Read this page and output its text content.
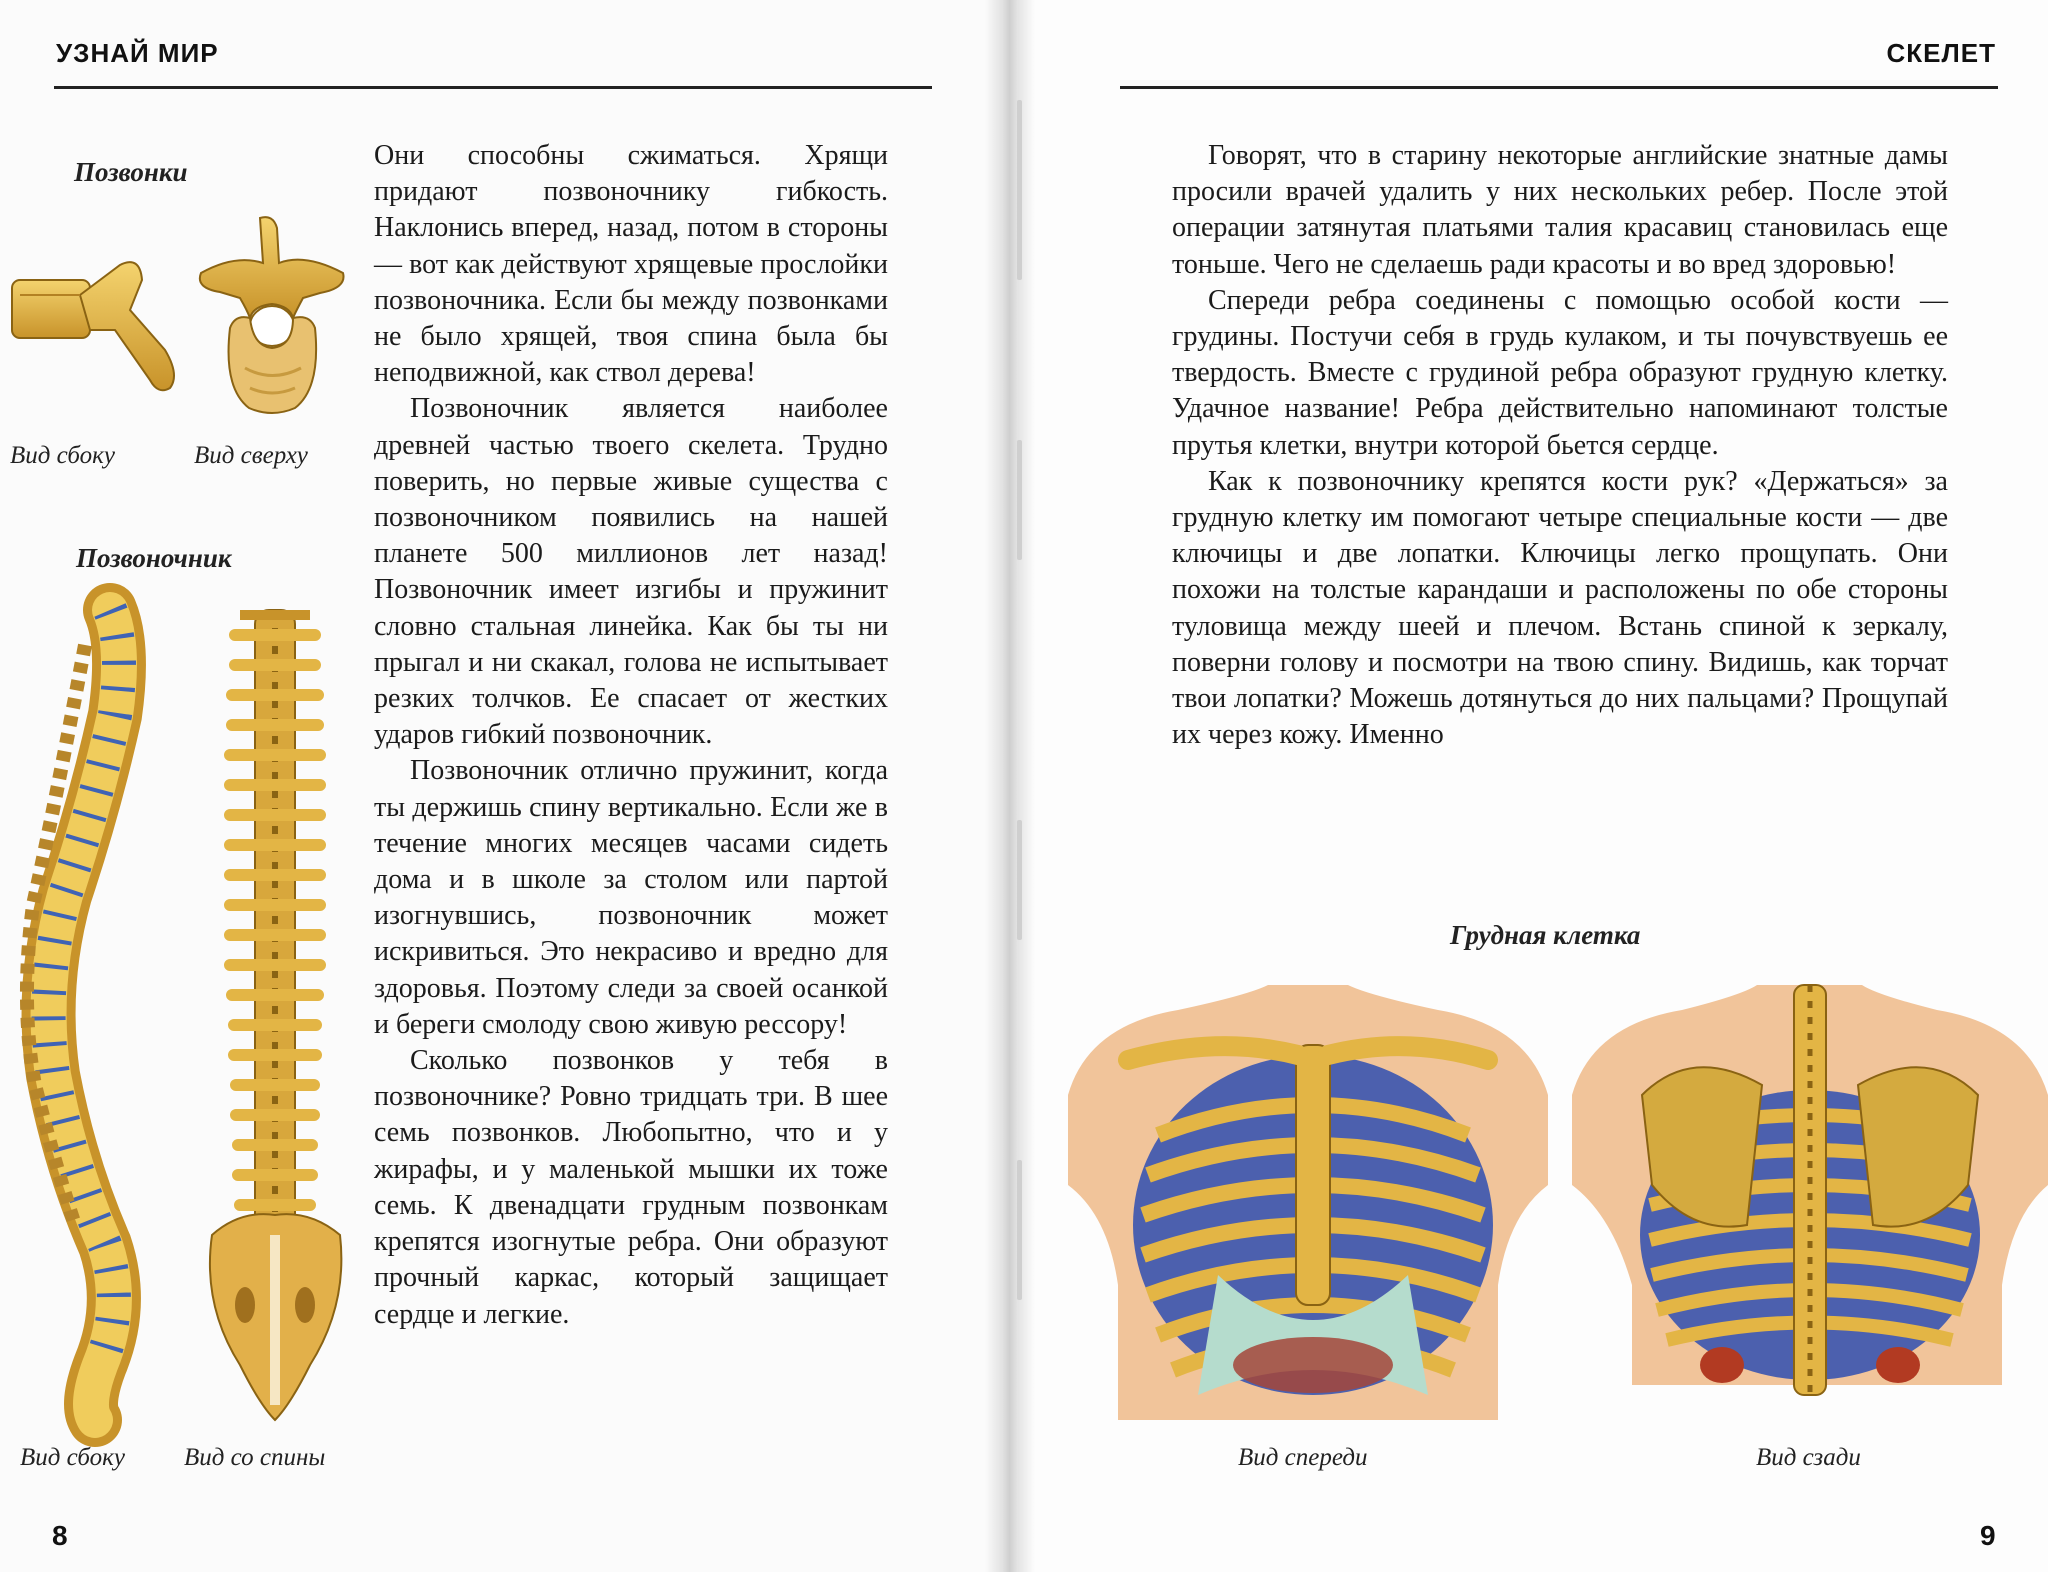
УЗНАЙ МИР
Позвонки
Вид сбоку	Вид сверху
Позвоночник
Вид сбоку Вид со спины

Они способны сжиматься. Хрящи придают позвоночнику гибкость. Наклонись вперед, назад, потом в стороны — вот как действуют хрящевые прослойки позвоночника. Если бы между позвонками не было хрящей, твоя спина была бы неподвижной, как ствол дерева!

Позвоночник является наиболее древней частью твоего скелета. Трудно поверить, но первые живые существа с позвоночником появились на нашей планете 500 миллионов лет назад! Позвоночник имеет изгибы и пружинит словно стальная линейка. Как бы ты ни прыгал и ни скакал, голова не испытывает резких толчков. Ее спасает от жестких ударов гибкий позвоночник.

Позвоночник отлично пружинит, когда ты держишь спину вертикально. Если же в течение многих месяцев часами сидеть дома и в школе за столом или партой изогнувшись, позвоночник может искривиться. Это некрасиво и вредно для здоровья. Поэтому следи за своей осанкой и береги смолоду свою живую рессору!

Сколько позвонков у тебя в позвоночнике? Ровно тридцать три. В шее семь позвонков. Любопытно, что и у жирафы, и у маленькой мышки их тоже семь. К двенадцати грудным позвонкам крепятся изогнутые ребра. Они образуют прочный каркас, который защищает сердце и легкие.

8
СКЕЛЕТ

Говорят, что в старину некоторые английские знатные дамы просили врачей удалить у них нескольких ребер. После этой операции затянутая платьями талия красавиц становилась еще тоньше. Чего не сделаешь ради красоты и во вред здоровью!

Спереди ребра соединены с помощью особой кости — грудины. Постучи себя в грудь кулаком, и ты почувствуешь ее твердость. Вместе с грудиной ребра образуют грудную клетку. Удачное название! Ребра действительно напоминают толстые прутья клетки, внутри которой бьется сердце.

Как к позвоночнику крепятся кости рук? «Держаться» за грудную клетку им помогают четыре специальные кости — две ключицы и две лопатки. Ключицы легко прощупать. Они похожи на толстые карандаши и расположены по обе стороны туловища между шеей и плечом. Встань спиной к зеркалу, поверни голову и посмотри на твою спину. Видишь, как торчат твои лопатки? Можешь дотянуться до них пальцами? Прощупай их через кожу. Именно

Грудная клетка
Вид спереди	Вид сзади
9
